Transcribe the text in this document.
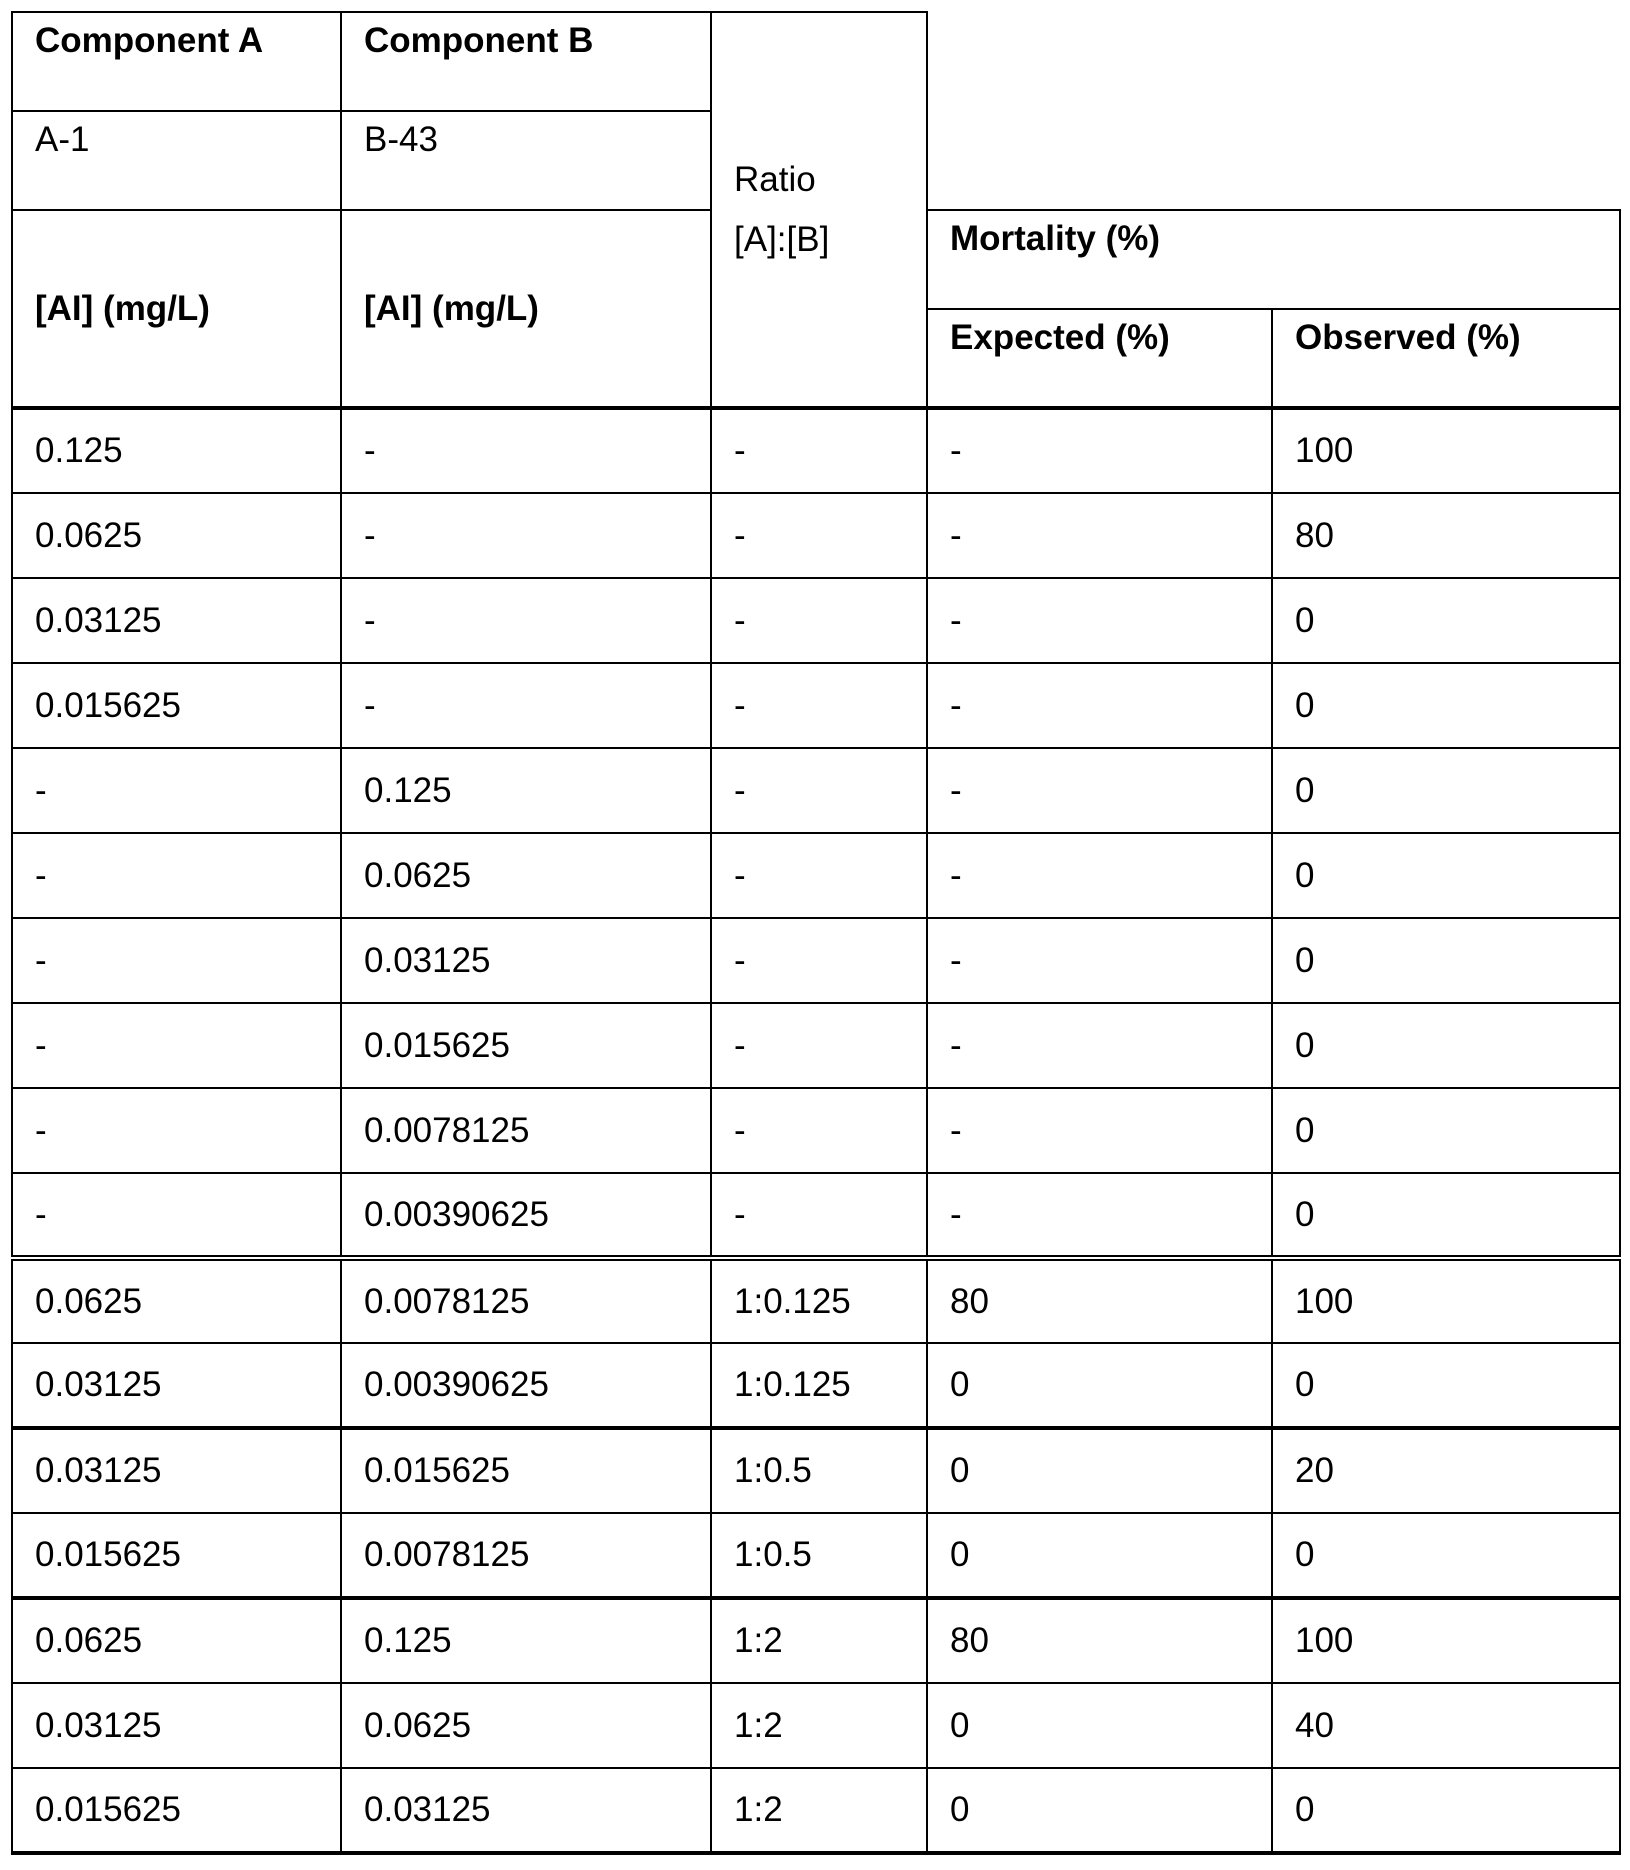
Component A	Component B	
Ratio
[A]:[B]

A-1	B-43
[AI] (mg/L)	[AI] (mg/L)	Mortality (%)
Expected (%)	Observed (%)
0.125	-	-	-	100
0.0625	-	-	-	80
0.03125	-	-	-	0
0.015625	-	-	-	0
-	0.125	-	-	0
-	0.0625	-	-	0
-	0.03125	-	-	0
-	0.015625	-	-	0
-	0.0078125	-	-	0
-	0.00390625	-	-	0
0.0625	0.0078125	1:0.125	80	100
0.03125	0.00390625	1:0.125	0	0
0.03125	0.015625	1:0.5	0	20
0.015625	0.0078125	1:0.5	0	0
0.0625	0.125	1:2	80	100
0.03125	0.0625	1:2	0	40
0.015625	0.03125	1:2	0	0
